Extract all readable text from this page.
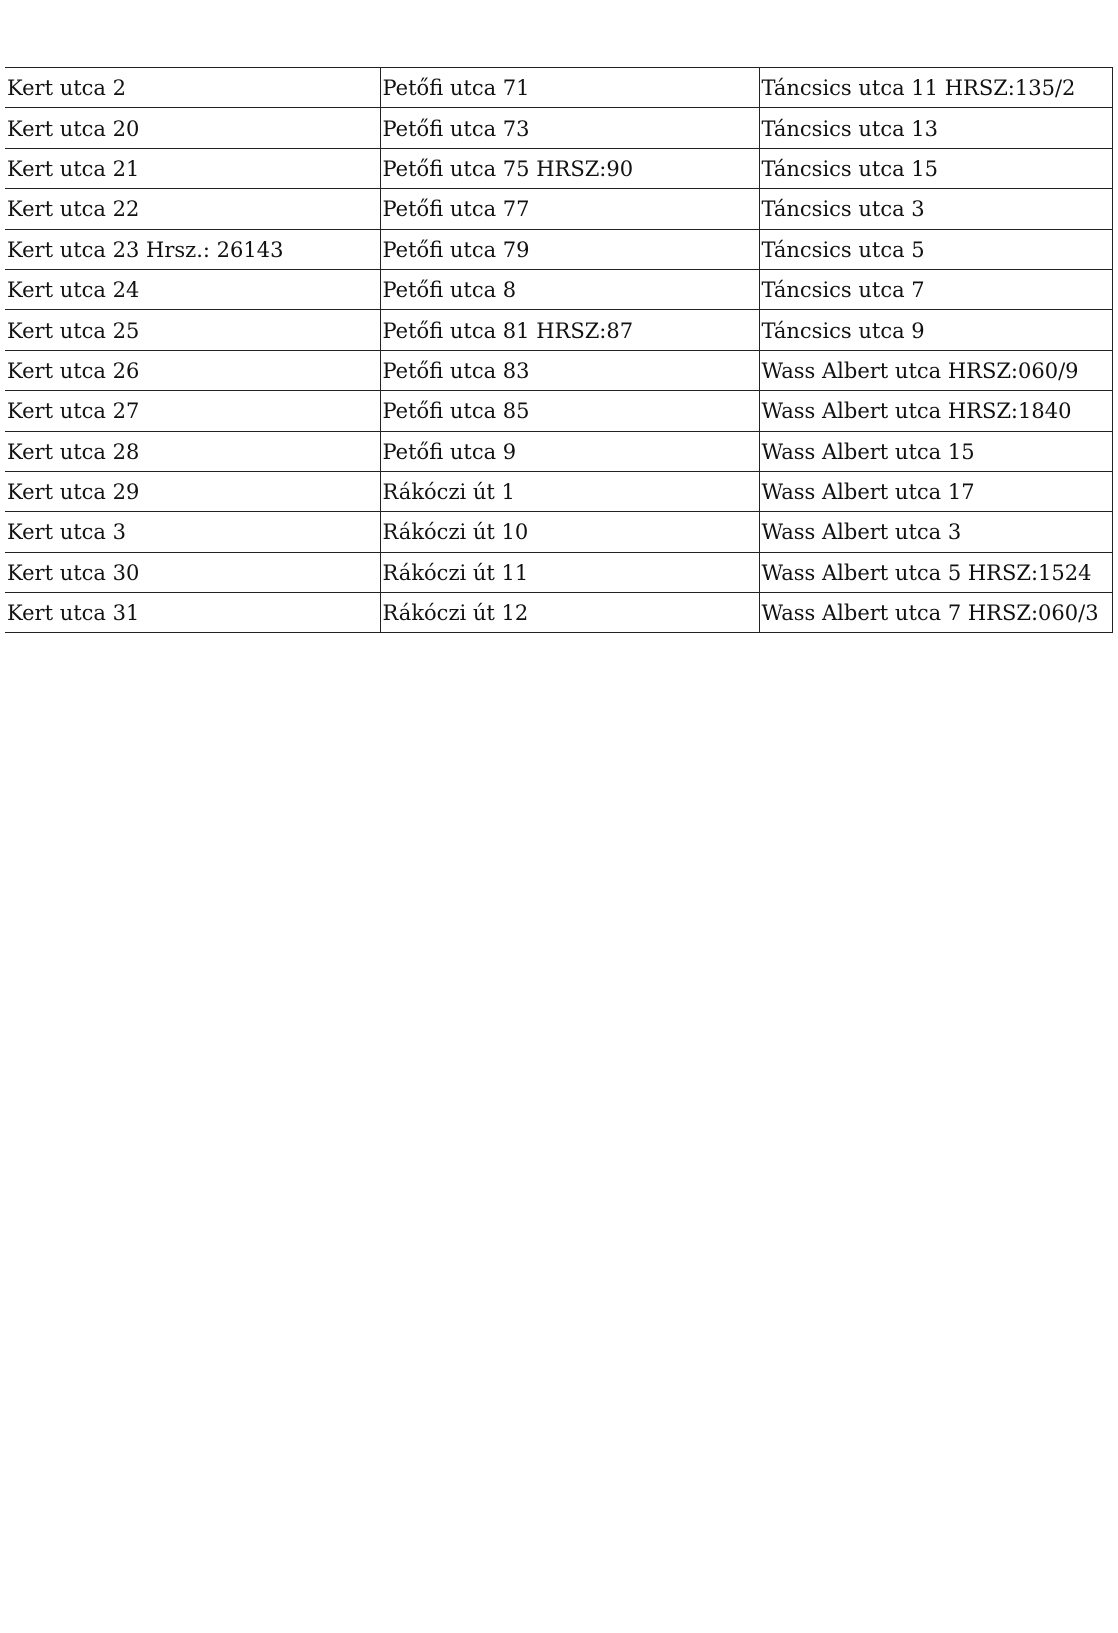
Kert utca 2	Petőfi utca 71	Táncsics utca 11 HRSZ:135/2
Kert utca 20	Petőfi utca 73	Táncsics utca 13
Kert utca 21	Petőfi utca 75 HRSZ:90	Táncsics utca 15
Kert utca 22	Petőfi utca 77	Táncsics utca 3
Kert utca 23 Hrsz.: 26143	Petőfi utca 79	Táncsics utca 5
Kert utca 24	Petőfi utca 8	Táncsics utca 7
Kert utca 25	Petőfi utca 81 HRSZ:87	Táncsics utca 9
Kert utca 26	Petőfi utca 83	Wass Albert utca HRSZ:060/9
Kert utca 27	Petőfi utca 85	Wass Albert utca HRSZ:1840
Kert utca 28	Petőfi utca 9	Wass Albert utca 15
Kert utca 29	Rákóczi út 1	Wass Albert utca 17
Kert utca 3	Rákóczi út 10	Wass Albert utca 3
Kert utca 30	Rákóczi út 11	Wass Albert utca 5 HRSZ:1524
Kert utca 31	Rákóczi út 12	Wass Albert utca 7 HRSZ:060/3
